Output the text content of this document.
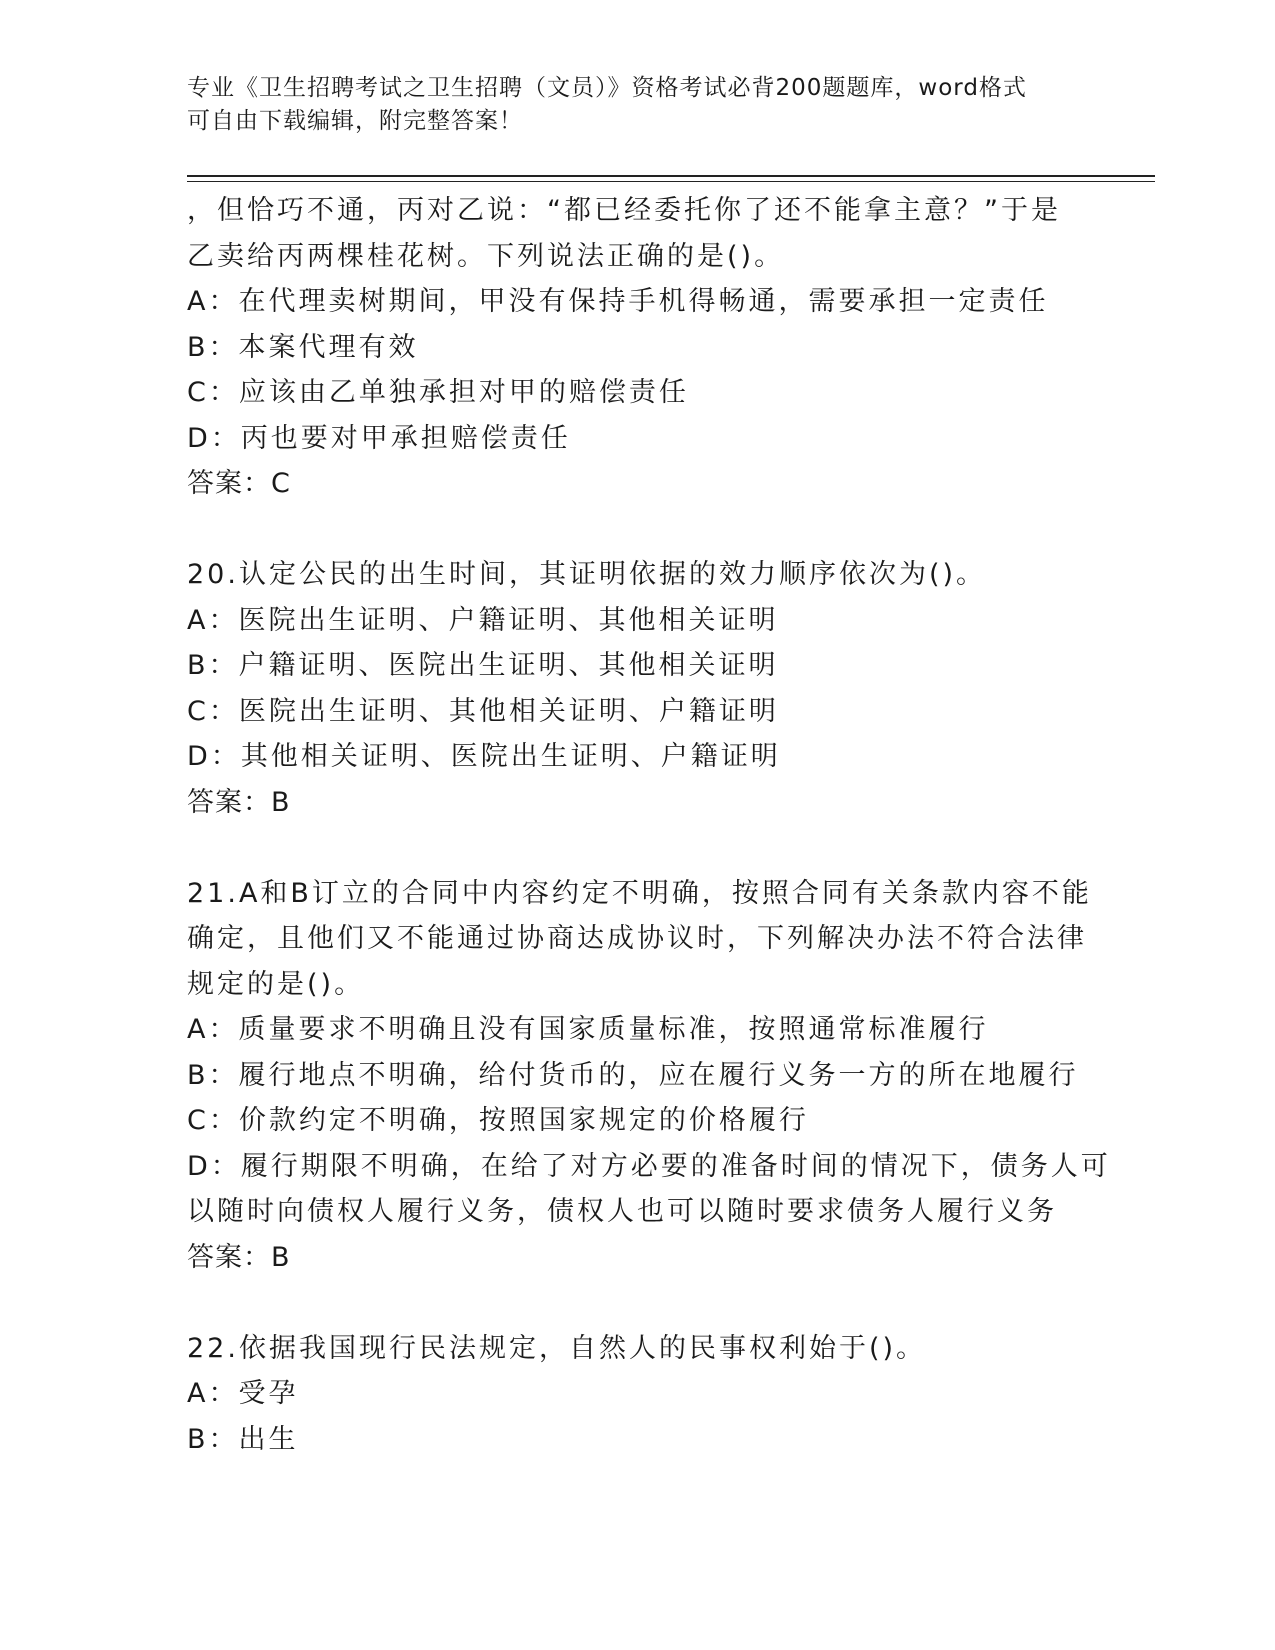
专业《卫生招聘考试之卫生招聘（文员）》资格考试必背200题题库，word格式
可自由下载编辑，附完整答案！
，但恰巧不通，丙对乙说：“都已经委托你了还不能拿主意？”于是
乙卖给丙两棵桂花树。下列说法正确的是()。
A：在代理卖树期间，甲没有保持手机得畅通，需要承担一定责任
B：本案代理有效
C：应该由乙单独承担对甲的赔偿责任
D：丙也要对甲承担赔偿责任
答案：C
20.认定公民的出生时间，其证明依据的效力顺序依次为()。
A：医院出生证明、户籍证明、其他相关证明
B：户籍证明、医院出生证明、其他相关证明
C：医院出生证明、其他相关证明、户籍证明
D：其他相关证明、医院出生证明、户籍证明
答案：B
21.A和B订立的合同中内容约定不明确，按照合同有关条款内容不能
确定，且他们又不能通过协商达成协议时，下列解决办法不符合法律
规定的是()。
A：质量要求不明确且没有国家质量标准，按照通常标准履行
B：履行地点不明确，给付货币的，应在履行义务一方的所在地履行
C：价款约定不明确，按照国家规定的价格履行
D：履行期限不明确，在给了对方必要的准备时间的情况下，债务人可
以随时向债权人履行义务，债权人也可以随时要求债务人履行义务
答案：B
22.依据我国现行民法规定，自然人的民事权利始于()。
A：受孕
B：出生
